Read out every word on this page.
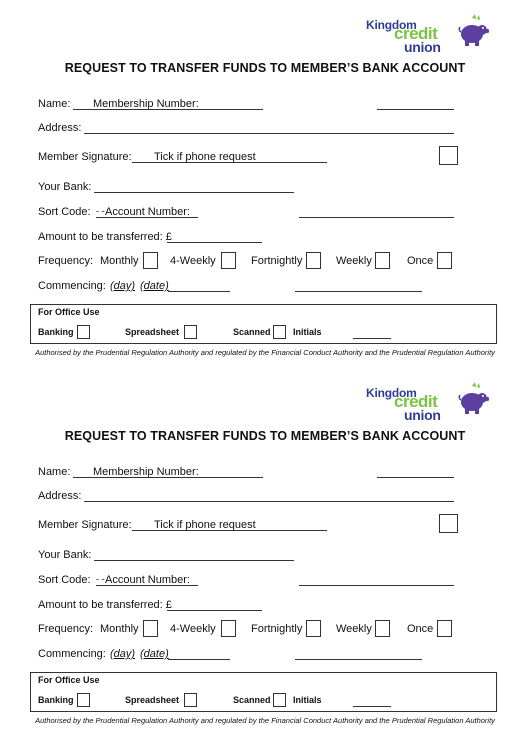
Kingdom
credit
union
REQUEST TO TRANSFER FUNDS TO MEMBER’S BANK ACCOUNT
Name: Membership Number:
Address:
Member Signature: Tick if phone request
Your Bank:
Sort Code: - - Account Number:
Amount to be transferred: £
Frequency: Monthly	4-Weekly	Fortnightly	Weekly	Once
Commencing: (day) (date)
For Office Use
Banking	Spreadsheet	Scanned Initials
Authorised by the Prudential Regulation Authority and regulated by the Financial Conduct Authority and the Prudential Regulation Authority
Kingdom
credit
union
REQUEST TO TRANSFER FUNDS TO MEMBER’S BANK ACCOUNT
Name: Membership Number:
Address:
Member Signature: Tick if phone request
Your Bank:
Sort Code: - - Account Number:
Amount to be transferred: £
Frequency: Monthly	4-Weekly	Fortnightly	Weekly	Once
Commencing: (day) (date)
For Office Use
Banking	Spreadsheet	Scanned Initials
Authorised by the Prudential Regulation Authority and regulated by the Financial Conduct Authority and the Prudential Regulation Authority
